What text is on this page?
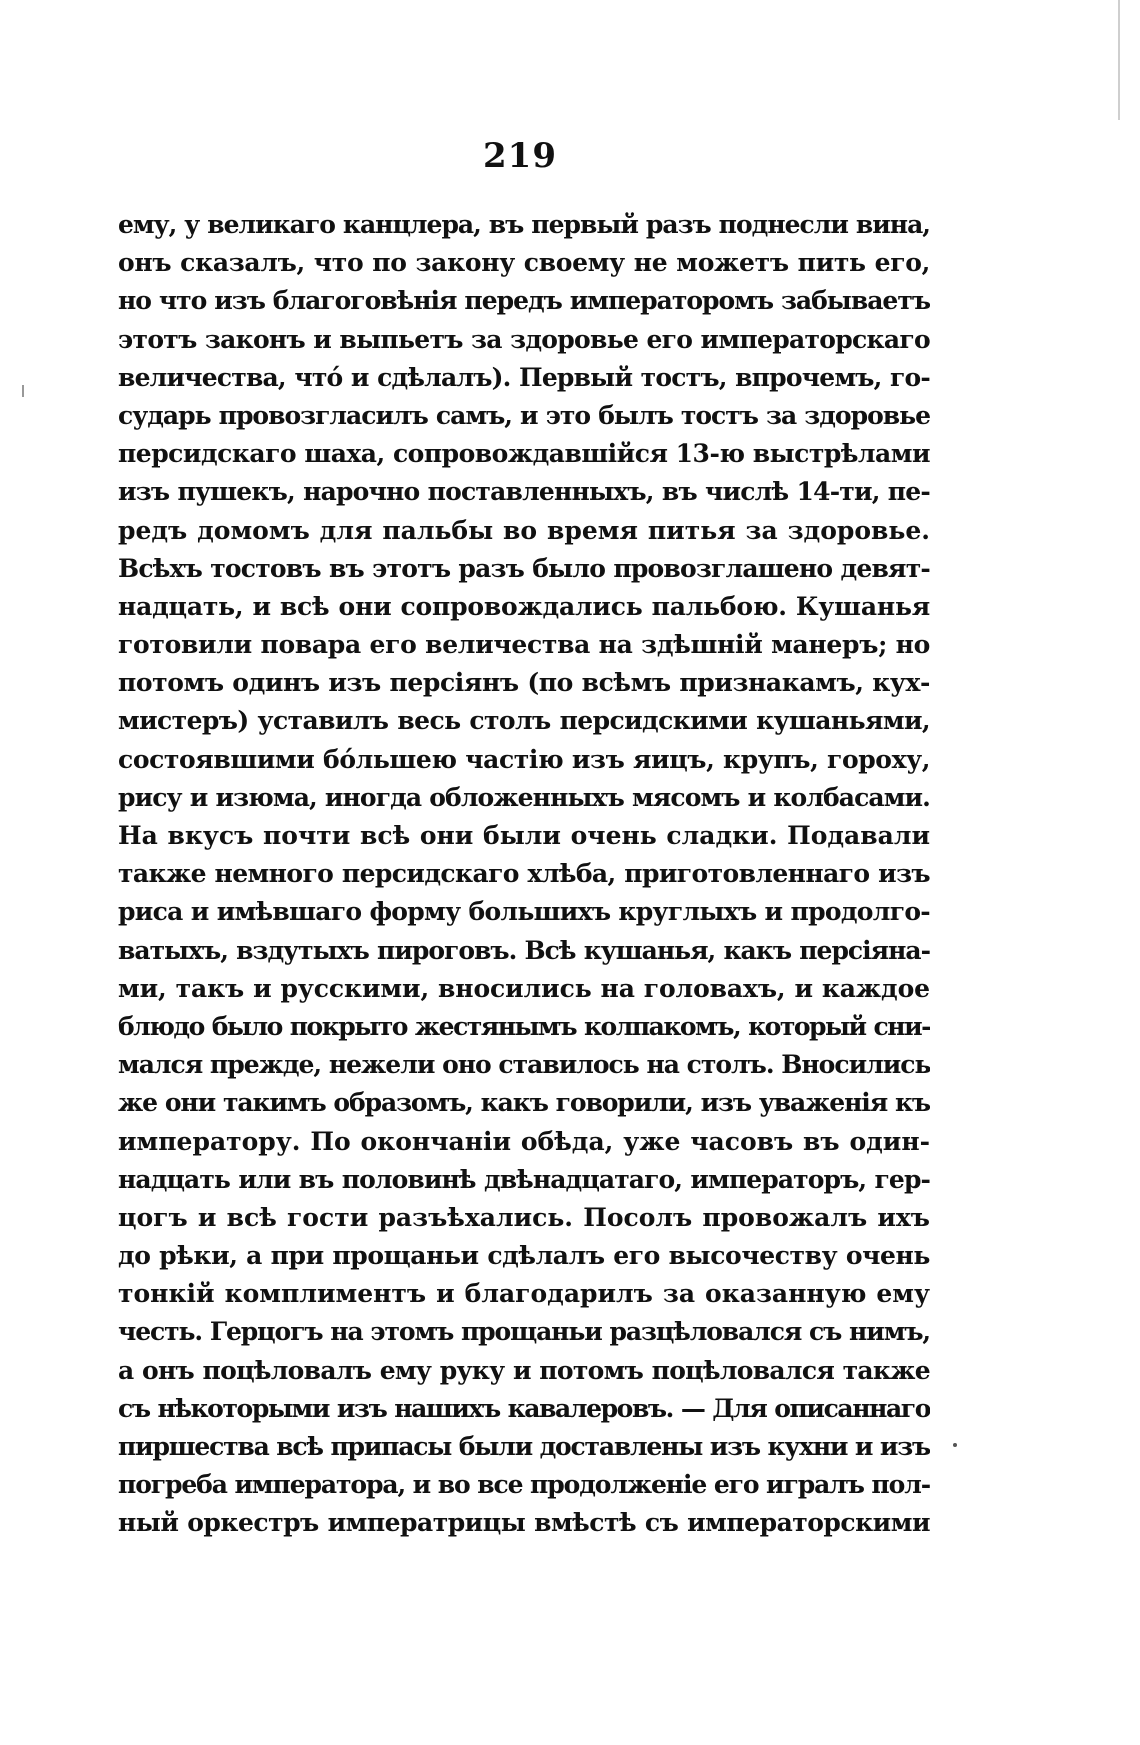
219
ему, у великаго канцлера, въ первый разъ поднесли вина,
онъ сказалъ, что по закону своему не можетъ пить его,
но что изъ благоговѣнія передъ императоромъ забываетъ
этотъ законъ и выпьетъ за здоровье его императорскаго
величества, что́ и сдѣлалъ). Первый тостъ, впрочемъ, го-
сударь провозгласилъ самъ, и это былъ тостъ за здоровье
персидскаго шаха, сопровождавшійся 13-ю выстрѣлами
изъ пушекъ, нарочно поставленныхъ, въ числѣ 14-ти, пе-
редъ домомъ для пальбы во время питья за здоровье.
Всѣхъ тостовъ въ этотъ разъ было провозглашено девят-
надцать, и всѣ они сопровождались пальбою. Кушанья
готовили повара его величества на здѣшній манеръ; но
потомъ одинъ изъ персіянъ (по всѣмъ признакамъ, кух-
мистеръ) уставилъ весь столъ персидскими кушаньями,
состоявшими бо́льшею частію изъ яицъ, крупъ, гороху,
рису и изюма, иногда обложенныхъ мясомъ и колбасами.
На вкусъ почти всѣ они были очень сладки. Подавали
также немного персидскаго хлѣба, приготовленнаго изъ
риса и имѣвшаго форму большихъ круглыхъ и продолго-
ватыхъ, вздутыхъ пироговъ. Всѣ кушанья, какъ персіяна-
ми, такъ и русскими, вносились на головахъ, и каждое
блюдо было покрыто жестянымъ колпакомъ, который сни-
мался прежде, нежели оно ставилось на столъ. Вносились
же они такимъ образомъ, какъ говорили, изъ уваженія къ
императору. По окончаніи обѣда, уже часовъ въ один-
надцать или въ половинѣ двѣнадцатаго, императоръ, гер-
цогъ и всѣ гости разъѣхались. Посолъ провожалъ ихъ
до рѣки, а при прощаньи сдѣлалъ его высочеству очень
тонкій комплиментъ и благодарилъ за оказанную ему
честь. Герцогъ на этомъ прощаньи разцѣловался съ нимъ,
а онъ поцѣловалъ ему руку и потомъ поцѣловался также
съ нѣкоторыми изъ нашихъ кавалеровъ. — Для описаннаго
пиршества всѣ припасы были доставлены изъ кухни и изъ
погреба императора, и во все продолженіе его игралъ пол-
ный оркестръ императрицы вмѣстѣ съ императорскими
